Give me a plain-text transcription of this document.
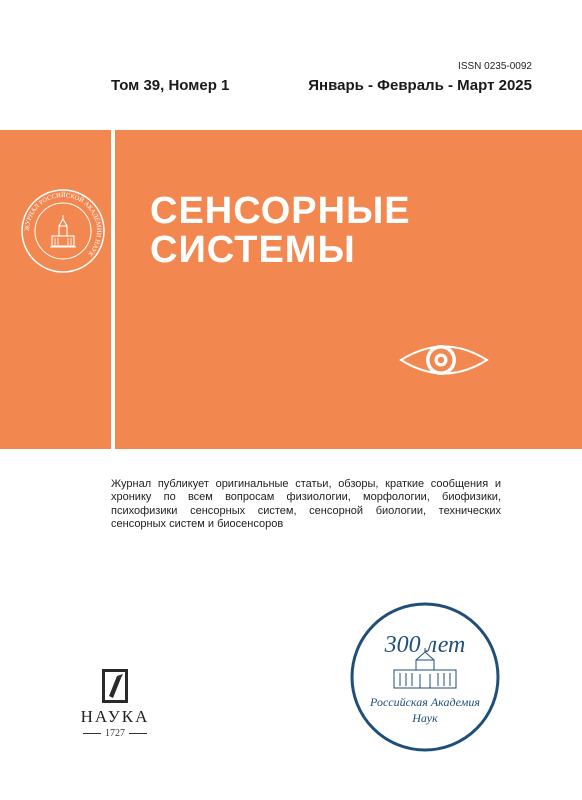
ISSN 0235-0092
Том 39, Номер 1	Январь - Февраль - Март 2025
ЖУРНАЛ РОССИЙСКОЙ АКАДЕМИИ НАУК
СЕНСОРНЫЕ
СИСТЕМЫ
Журнал публикует оригинальные статьи, обзоры, краткие сообщения и хронику по всем вопросам физиологии, морфологии, биофизики, психофизики сенсорных систем, сенсорной биологии, технических сенсорных систем и биосенсоров
НАУКА
1727
300 лет
Российская Академия
Наук
